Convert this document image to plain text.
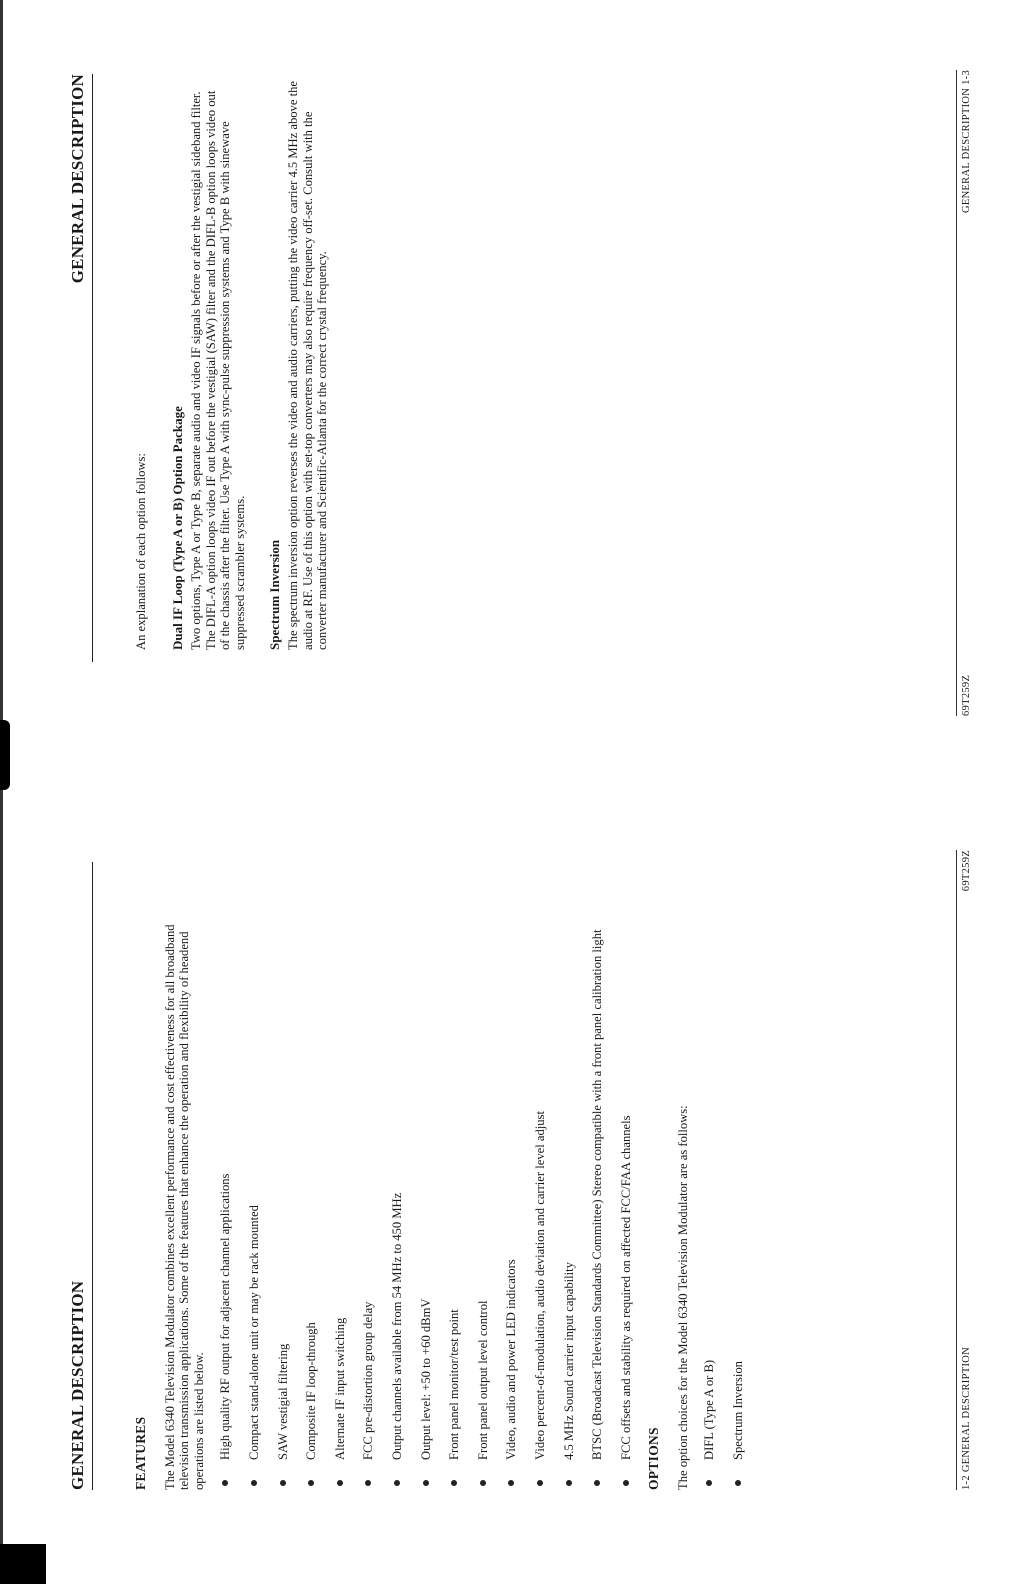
GENERAL DESCRIPTION	FEATURES The Model 6340 Television Modulator combines excellent performance and cost effectiveness for all broadband television transmission applications. Some of the features that enhance the operation and flexibility of headend operations are listed below. High quality RF output for adjacent channel applications Compact stand-alone unit or may be rack mounted SAW vestigial filtering Composite IF loop-through Alternate IF input switching FCC pre-distortion group delay Output channels available from 54 MHz to 450 MHz Output level: +50 to +60 dBmV Front panel monitor/test point Front panel output level control Video, audio and power LED indicators Video percent-of-modulation, audio deviation and carrier level adjust 4.5 MHz Sound carrier input capability BTSC (Broadcast Television Standards Committee) Stereo compatible with a front panel calibration light FCC offsets and stability as required on affected FCC/FAA channels OPTIONS The option choices for the Model 6340 Television Modulator are as follows: DIFL (Type A or B) Spectrum Inversion	1-2 GENERAL DESCRIPTION
69T259Z
GENERAL DESCRIPTION

An explanation of each option follows: Dual IF Loop (Type A or B) Option Package Two options, Type A or Type B, separate audio and video IF signals before or after the vestigial sideband filter. The DIFL-A option loops video IF out before the vestigial (SAW) filter and the DIFL-B option loops video out of the chassis after the filter. Use Type A with sync-pulse suppression systems and Type B with sinewave suppressed scrambler systems. Spectrum Inversion The spectrum inversion option reverses the video and audio carriers, putting the video carrier 4.5 MHz above the audio at RF. Use of this option with set-top converters may also require frequency off-set. Consult with the converter manufacturer and Scientific-Atlanta for the correct crystal frequency.

69T259Z
GENERAL DESCRIPTION 1-3
